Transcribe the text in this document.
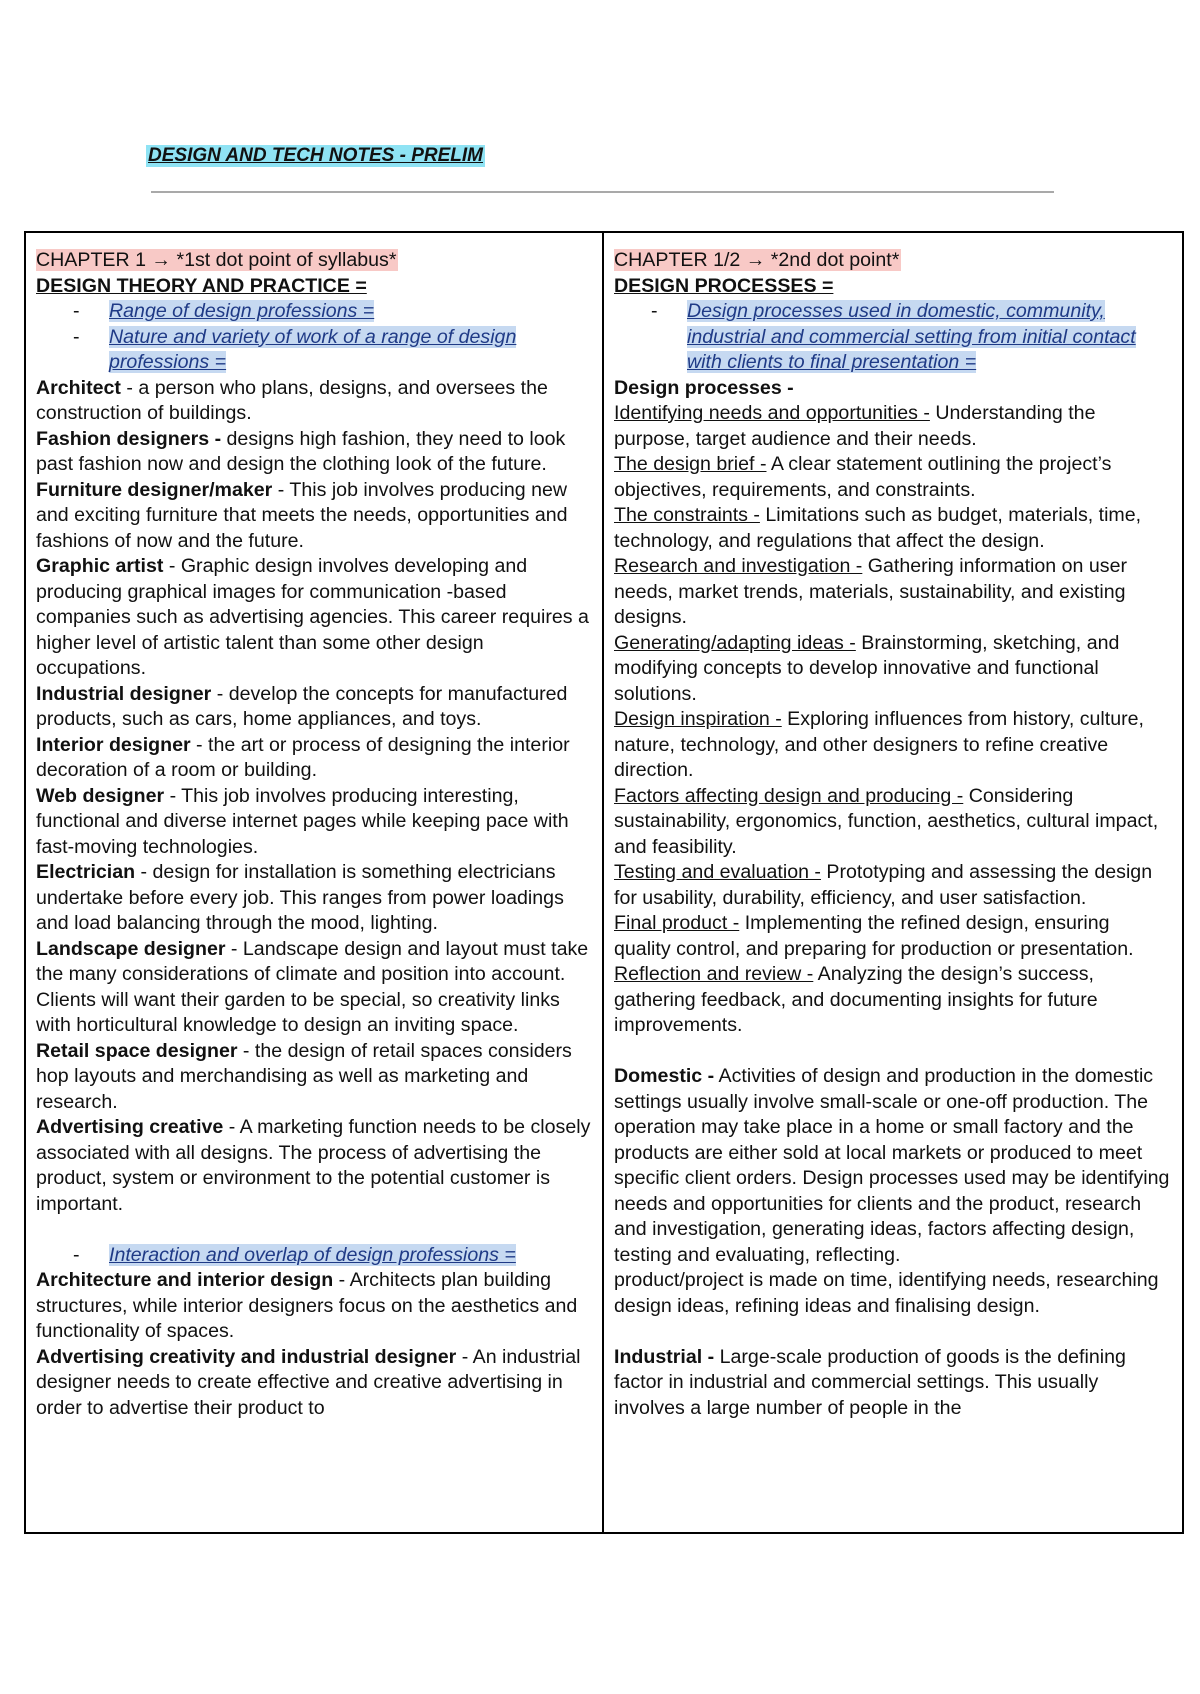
DESIGN AND TECH NOTES - PRELIM
CHAPTER 1 → *1st dot point of syllabus*
DESIGN THEORY AND PRACTICE =
-	Range of design professions =
-	Nature and variety of work of a range of design professions =
Architect - a person who plans, designs, and oversees the construction of buildings.
Fashion designers - designs high fashion, they need to look past fashion now and design the clothing look of the future.
Furniture designer/maker - This job involves producing new and exciting furniture that meets the needs, opportunities and fashions of now and the future.
Graphic artist - Graphic design involves developing and producing graphical images for communication -based companies such as advertising agencies. This career requires a higher level of artistic talent than some other design occupations.
Industrial designer - develop the concepts for manufactured products, such as cars, home appliances, and toys.
Interior designer - the art or process of designing the interior decoration of a room or building.
Web designer - This job involves producing interesting, functional and diverse internet pages while keeping pace with fast-moving technologies.
Electrician - design for installation is something electricians undertake before every job. This ranges from power loadings and load balancing through the mood, lighting.
Landscape designer - Landscape design and layout must take the many considerations of climate and position into account. Clients will want their garden to be special, so creativity links with horticultural knowledge to design an inviting space.
Retail space designer - the design of retail spaces considers hop layouts and merchandising as well as marketing and research.
Advertising creative - A marketing function needs to be closely associated with all designs. The process of advertising the product, system or environment to the potential customer is important.
-	Interaction and overlap of design professions =
Architecture and interior design - Architects plan building structures, while interior designers focus on the aesthetics and functionality of spaces.
Advertising creativity and industrial designer - An industrial designer needs to create effective and creative advertising in order to advertise their product to
CHAPTER 1/2 → *2nd dot point*
DESIGN PROCESSES =
-	Design processes used in domestic, community, industrial and commercial setting from initial contact with clients to final presentation =
Design processes -
Identifying needs and opportunities - Understanding the purpose, target audience and their needs.
The design brief - A clear statement outlining the project’s objectives, requirements, and constraints.
The constraints - Limitations such as budget, materials, time, technology, and regulations that affect the design.
Research and investigation - Gathering information on user needs, market trends, materials, sustainability, and existing designs.
Generating/adapting ideas - Brainstorming, sketching, and modifying concepts to develop innovative and functional solutions.
Design inspiration - Exploring influences from history, culture, nature, technology, and other designers to refine creative direction.
Factors affecting design and producing - Considering sustainability, ergonomics, function, aesthetics, cultural impact, and feasibility.
Testing and evaluation - Prototyping and assessing the design for usability, durability, efficiency, and user satisfaction.
Final product - Implementing the refined design, ensuring quality control, and preparing for production or presentation.
Reflection and review - Analyzing the design’s success, gathering feedback, and documenting insights for future improvements.
Domestic - Activities of design and production in the domestic settings usually involve small-scale or one-off production. The operation may take place in a home or small factory and the products are either sold at local markets or produced to meet specific client orders. Design processes used may be identifying needs and opportunities for clients and the product, research and investigation, generating ideas, factors affecting design, testing and evaluating, reflecting.
product/project is made on time, identifying needs, researching design ideas, refining ideas and finalising design.
Industrial - Large-scale production of goods is the defining factor in industrial and commercial settings. This usually involves a large number of people in the
